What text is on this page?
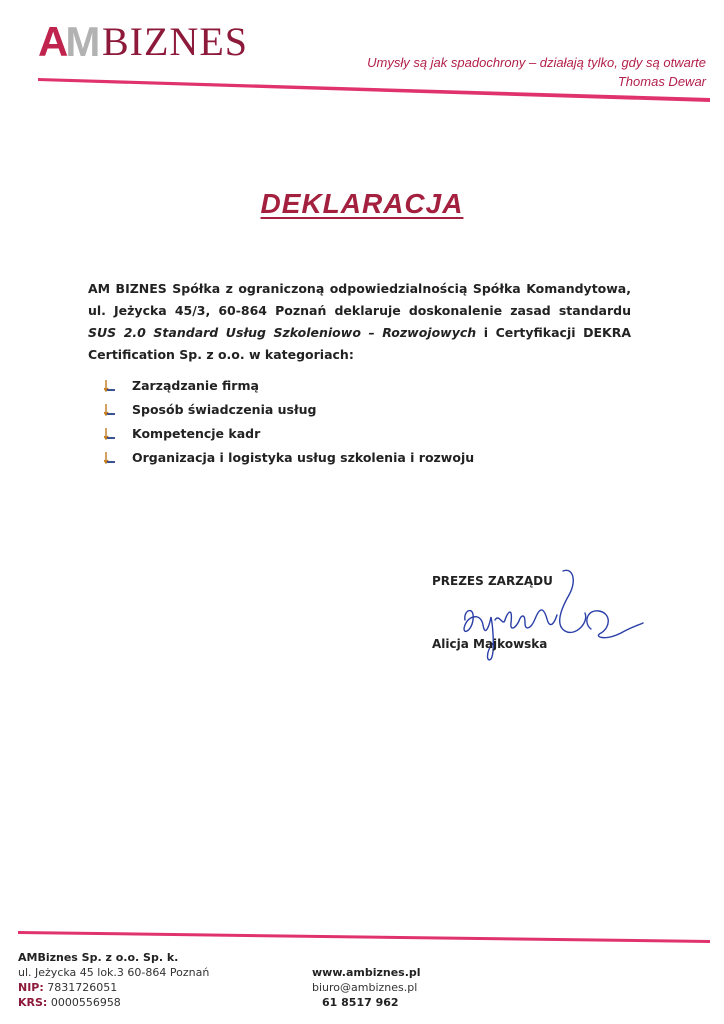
AM BIZNES	Umysły są jak spadochrony – działają tylko, gdy są otwarte
Thomas Dewar
DEKLARACJA
AM BIZNES Spółka z ograniczoną odpowiedzialnością Spółka Komandytowa, ul. Jeżycka 45/3, 60-864 Poznań deklaruje doskonalenie zasad standardu SUS 2.0 Standard Usług Szkoleniowo – Rozwojowych i Certyfikacji DEKRA Certification Sp. z o.o. w kategoriach:
Zarządzanie firmą
Sposób świadczenia usług
Kompetencje kadr
Organizacja i logistyka usług szkolenia i rozwoju
PREZES ZARZĄDU
Alicja Majkowska
AMBiznes Sp. z o.o. Sp. k.
ul. Jeżycka 45 lok.3 60-864 Poznań
NIP: 7831726051
KRS: 0000556958
www.ambiznes.pl
biuro@ambiznes.pl
61 8517 962
